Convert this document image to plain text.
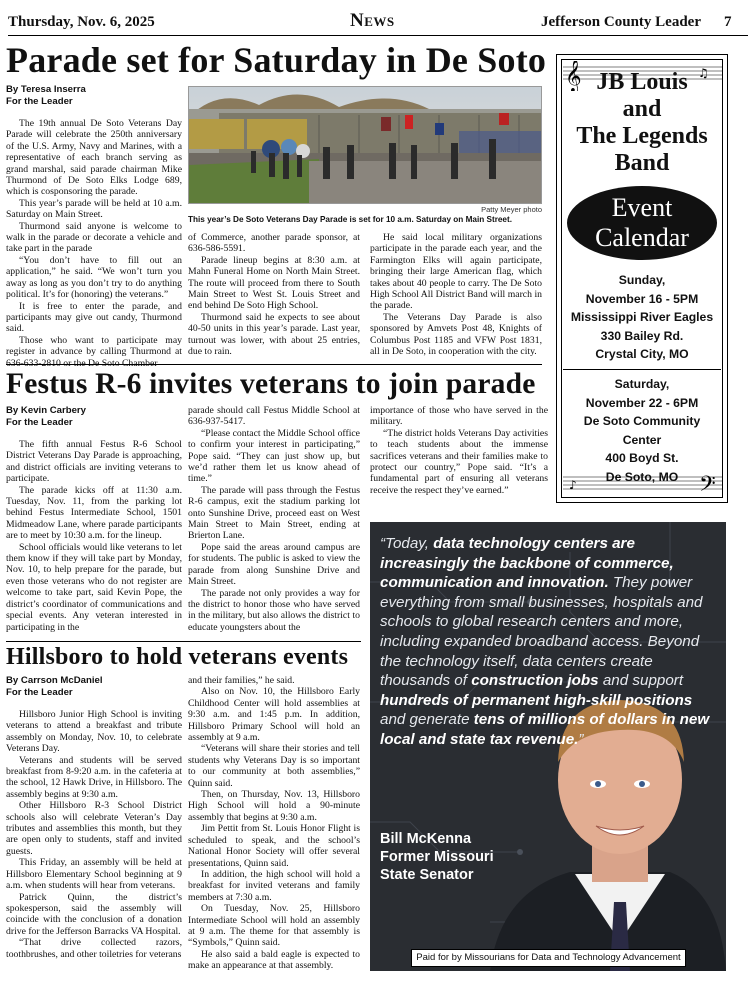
Thursday, Nov. 6, 2025	News	Jefferson County Leader 7
Parade set for Saturday in De Soto
By Teresa Inserra
For the Leader

The 19th annual De Soto Veterans Day Parade will celebrate the 250th anniversary of the U.S. Army, Navy and Marines, with a representative of each branch serving as grand marshal, said parade chairman Mike Thurmond of De Soto Elks Lodge 689, which is cosponsoring the parade.

This year’s parade will be held at 10 a.m. Saturday on Main Street.

Thurmond said anyone is welcome to walk in the parade or decorate a vehicle and take part in the parade

“You don’t have to fill out an application,” he said. “We won’t turn you away as long as you don’t try to do anything political. It’s for (honoring) the veterans.”

It is free to enter the parade, and participants may give out candy, Thurmond said.

Those who want to participate may register in advance by calling Thurmond at

Patty Meyer photo
This year’s De Soto Veterans Day Parade is set for 10 a.m. Saturday on Main Street.

of Commerce, another parade sponsor, at 636-586-5591.

Parade lineup begins at 8:30 a.m. at Mahn Funeral Home on North Main Street. The route will proceed from there to South Main Street to West St. Louis Street and end behind De Soto High School.

Thurmond said he expects to see about 40-50 units in this year’s parade. Last year, turnout was lower, with about 25 entries, due to rain.

He said local military organizations participate in the parade each year, and the Farmington Elks will again participate, bringing their large American flag, which takes about 40 people to carry. The De Soto High School All District Band will march in the parade.

The Veterans Day Parade is also sponsored by Amvets Post 48, Knights of Columbus Post 1185 and VFW Post 1831, all in De Soto, in cooperation with the city.

Festus R-6 invites veterans to join parade
By Kevin Carbery
For the Leader

The fifth annual Festus R-6 School District Veterans Day Parade is approaching, and district officials are inviting veterans to participate.

The parade kicks off at 11:30 a.m. Tuesday, Nov. 11, from the parking lot behind Festus Intermediate School, 1501 Midmeadow Lane, where parade participants are to meet by 10:30 a.m. for the lineup.

School officials would like veterans to let them know if they will take part by Monday, Nov. 10, to help prepare for the parade, but even those veterans who do not register are welcome to take part, said Kevin Pope, the district’s coordinator of communications and special events. Any veteran interested in participating in the

parade should call Festus Middle School at 636-937-5417.

“Please contact the Middle School office to confirm your interest in participating,” Pope said. “They can just show up, but we’d rather them let us know ahead of time.”

The parade will pass through the Festus R-6 campus, exit the stadium parking lot onto Sunshine Drive, proceed east on West Main Street to Main Street, ending at Brierton Lane.

Pope said the areas around campus are for students. The public is asked to view the parade from along Sunshine Drive and Main Street.

The parade not only provides a way for the district to honor those who have served in the military, but also allows the district to educate youngsters about the

importance of those who have served in the military.

“The district holds Veterans Day activities to teach students about the immense sacrifices veterans and their families make to protect our country,” Pope said. “It’s a fundamental part of ensuring all veterans receive the respect they’ve earned.”

Hillsboro to hold veterans events
By Carrson McDaniel
For the Leader

Hillsboro Junior High School is inviting veterans to attend a breakfast and tribute assembly on Monday, Nov. 10, to celebrate Veterans Day.

Veterans and students will be served breakfast from 8-9:20 a.m. in the cafeteria at the school, 12 Hawk Drive, in Hillsboro. The assembly begins at 9:30 a.m.

Other Hillsboro R-3 School District schools also will celebrate Veteran’s Day tributes and assemblies this month, but they are open only to students, staff and invited guests.

This Friday, an assembly will be held at Hillsboro Elementary School beginning at 9 a.m. when students will hear from veterans.

Patrick Quinn, the district’s spokesperson, said the assembly will coincide with the conclusion of a donation drive for the Jefferson Barracks VA Hospital.

“That drive collected razors, toothbrushes, and other toiletries for veterans

and their families,” he said.

Also on Nov. 10, the Hillsboro Early Childhood Center will hold assemblies at 9:30 a.m. and 1:45 p.m. In addition, Hillsboro Primary School will hold an assembly at 9 a.m.

“Veterans will share their stories and tell students why Veterans Day is so important to our community at both assemblies,” Quinn said.

Then, on Thursday, Nov. 13, Hillsboro High School will hold a 90-minute assembly that begins at 9:30 a.m.

Jim Pettit from St. Louis Honor Flight is scheduled to speak, and the school’s National Honor Society will offer several presentations, Quinn said.

In addition, the high school will hold a breakfast for invited veterans and family members at 7:30 a.m.

On Tuesday, Nov. 25, Hillsboro Intermediate School will hold an assembly at 9 a.m. The theme for that assembly is “Symbols,” Quinn said.

He also said a bald eagle is expected to make an appearance at that assembly.

𝄞	♫
JB Louis
and
The Legends
Band
Event
Calendar
Sunday,
November 16 - 5PM
Mississippi River Eagles
330 Bailey Rd.
Crystal City, MO
Saturday,
November 22 - 6PM
De Soto Community
Center
400 Boyd St.
De Soto, MO
♪	𝄢
“Today, data technology centers are increasingly the backbone of commerce, communication and innovation. They power everything from small businesses, hospitals and schools to global research centers and more, including expanded broadband access. Beyond the technology itself, data centers create thousands of construction jobs and support hundreds of permanent high-skill positions and generate tens of millions of dollars in new local and state tax revenue.”
Bill McKenna
Former Missouri
State Senator
Paid for by Missourians for Data and Technology Advancement
